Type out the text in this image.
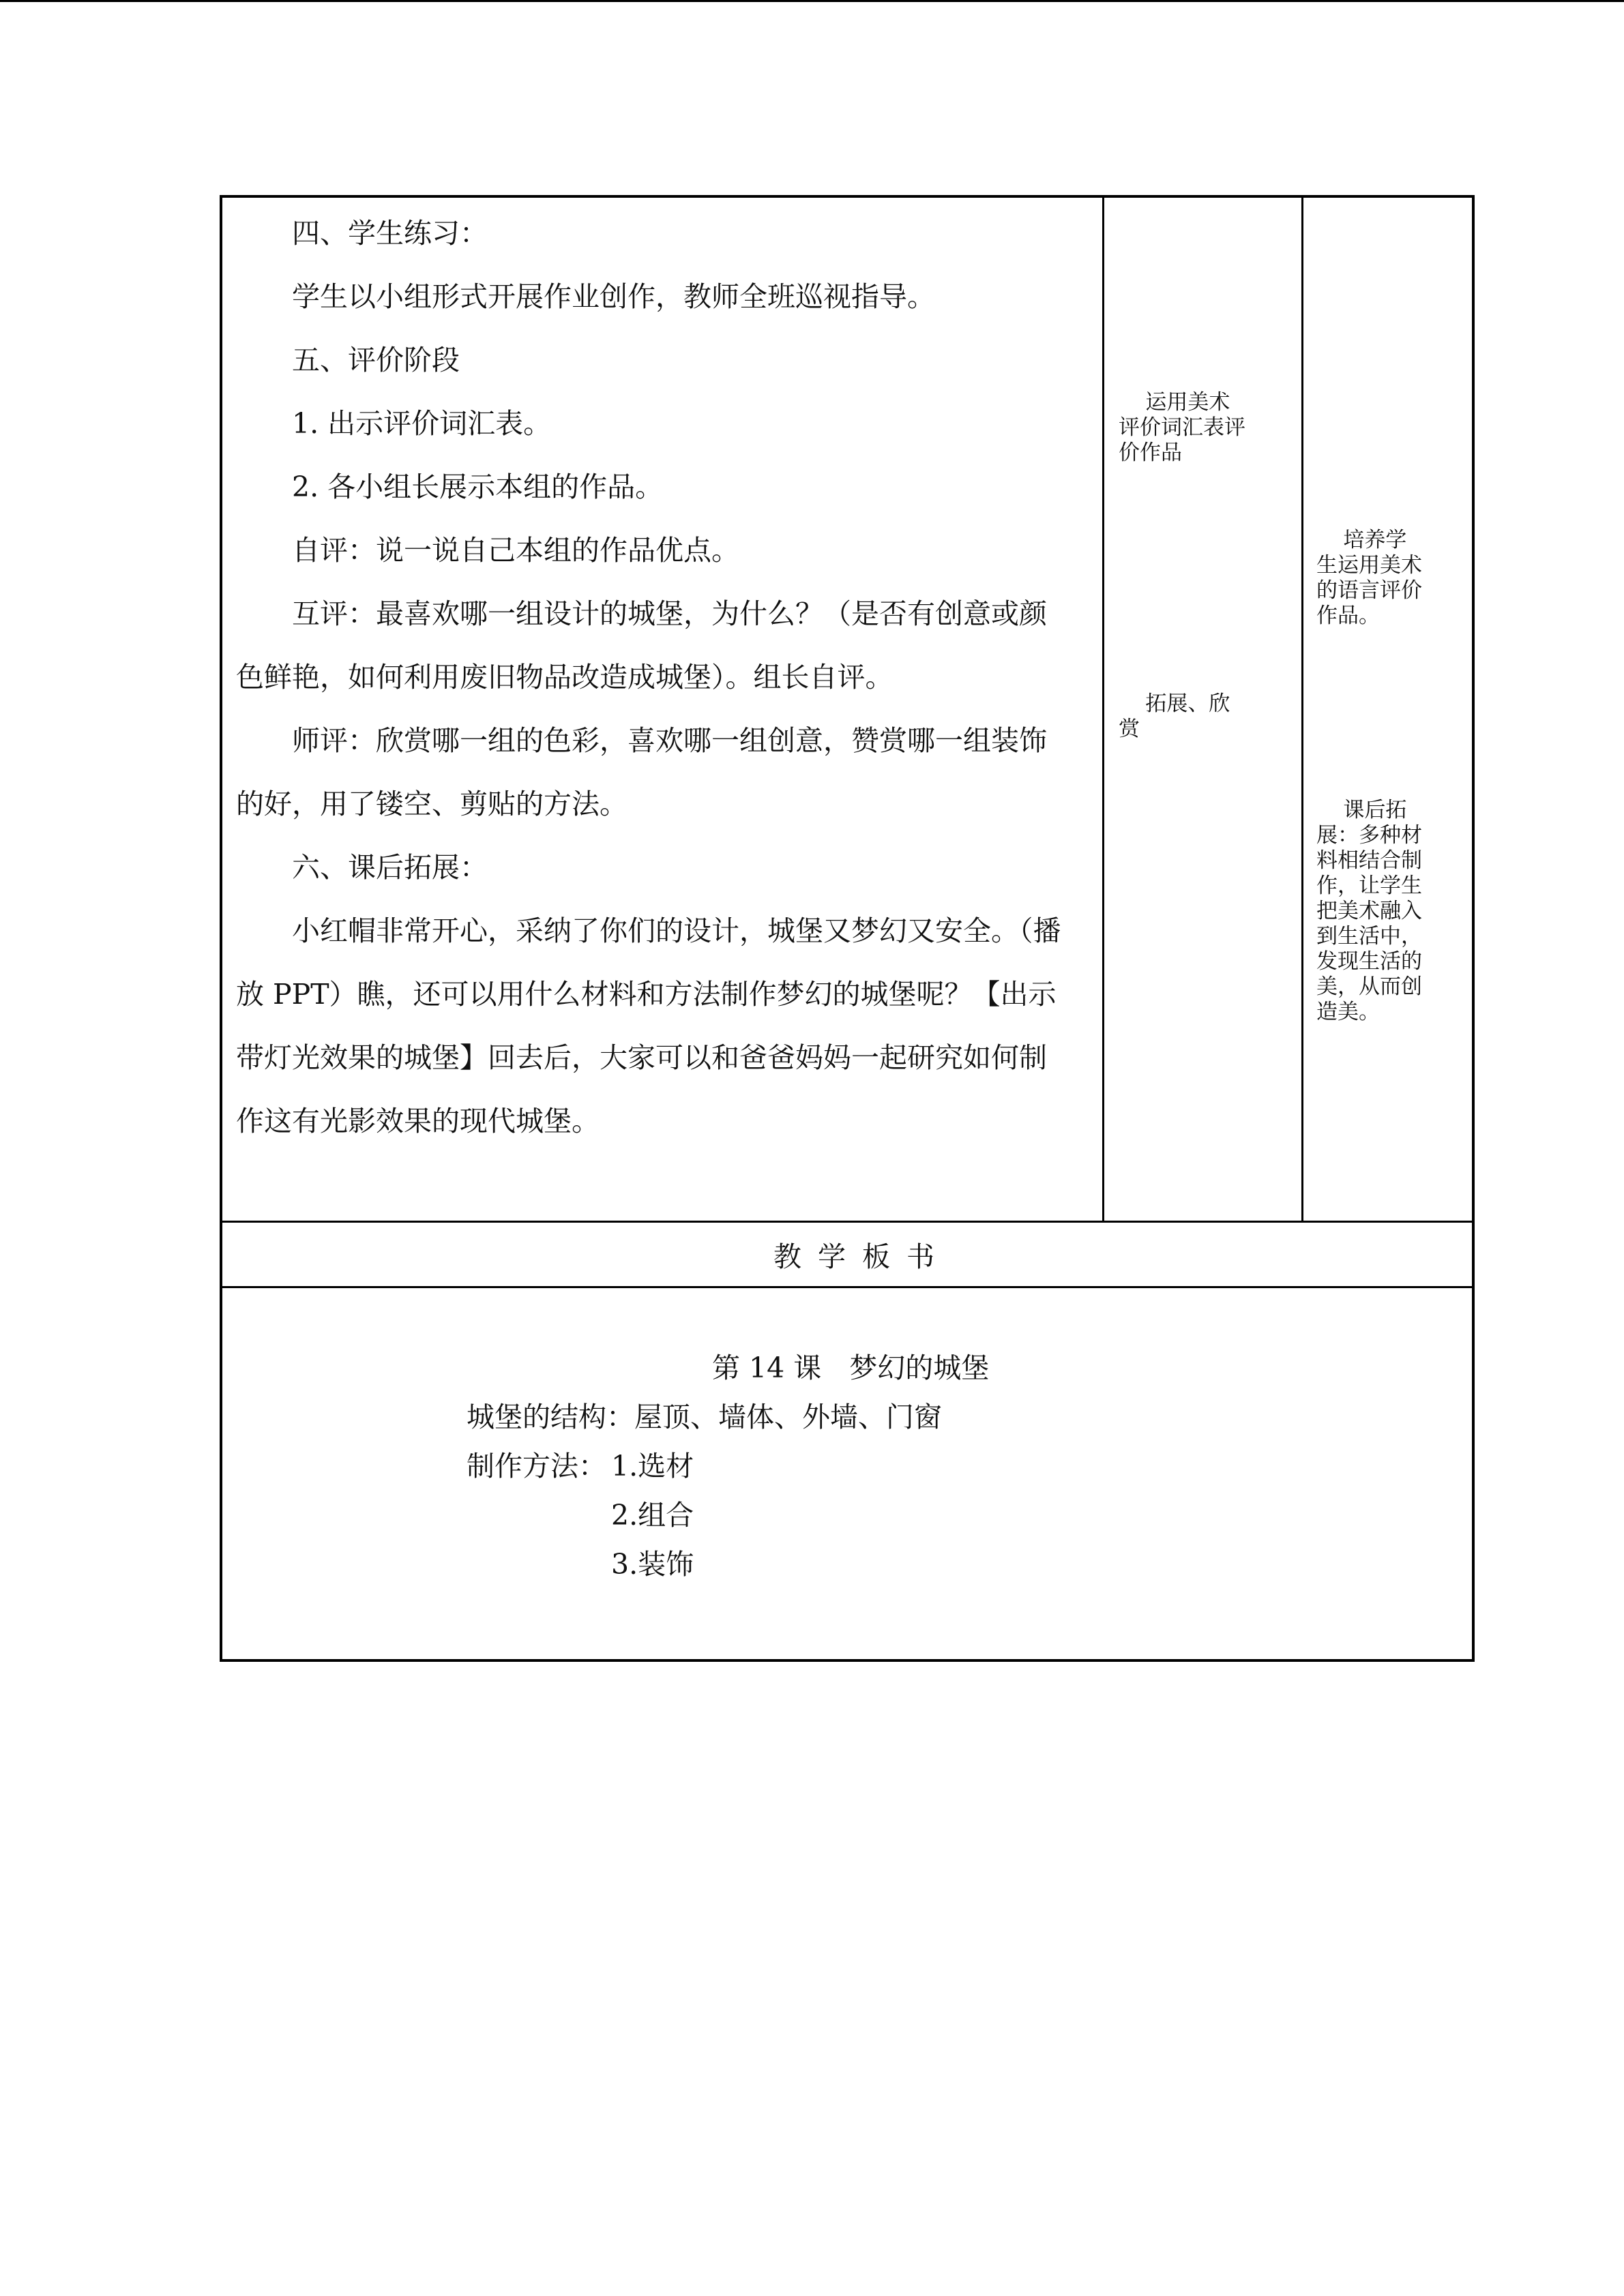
　　四、学生练习：
　　学生以小组形式开展作业创作，教师全班巡视指导。
　　五、评价阶段
　　1. 出示评价词汇表。
　　2. 各小组长展示本组的作品。
　　自评：说一说自己本组的作品优点。
　　互评：最喜欢哪一组设计的城堡，为什么？（是否有创意或颜
色鲜艳，如何利用废旧物品改造成城堡）。组长自评。
　　师评：欣赏哪一组的色彩，喜欢哪一组创意，赞赏哪一组装饰
的好，用了镂空、剪贴的方法。
　　六、课后拓展：
　　小红帽非常开心，采纳了你们的设计，城堡又梦幻又安全。（播
放 PPT）瞧，还可以用什么材料和方法制作梦幻的城堡呢？【出示
带灯光效果的城堡】回去后，大家可以和爸爸妈妈一起研究如何制
作这有光影效果的现代城堡。
运用美术
评价词汇表评
价作品
拓展、欣
赏
培养学
生运用美术
的语言评价
作品。
课后拓
展：多种材
料相结合制
作，让学生
把美术融入
到生活中，
发现生活的
美，从而创
造美。
教学板书
第 14 课　梦幻的城堡
城堡的结构：屋顶、墙体、外墙、门窗
制作方法： 1.选材
2.组合
3.装饰
